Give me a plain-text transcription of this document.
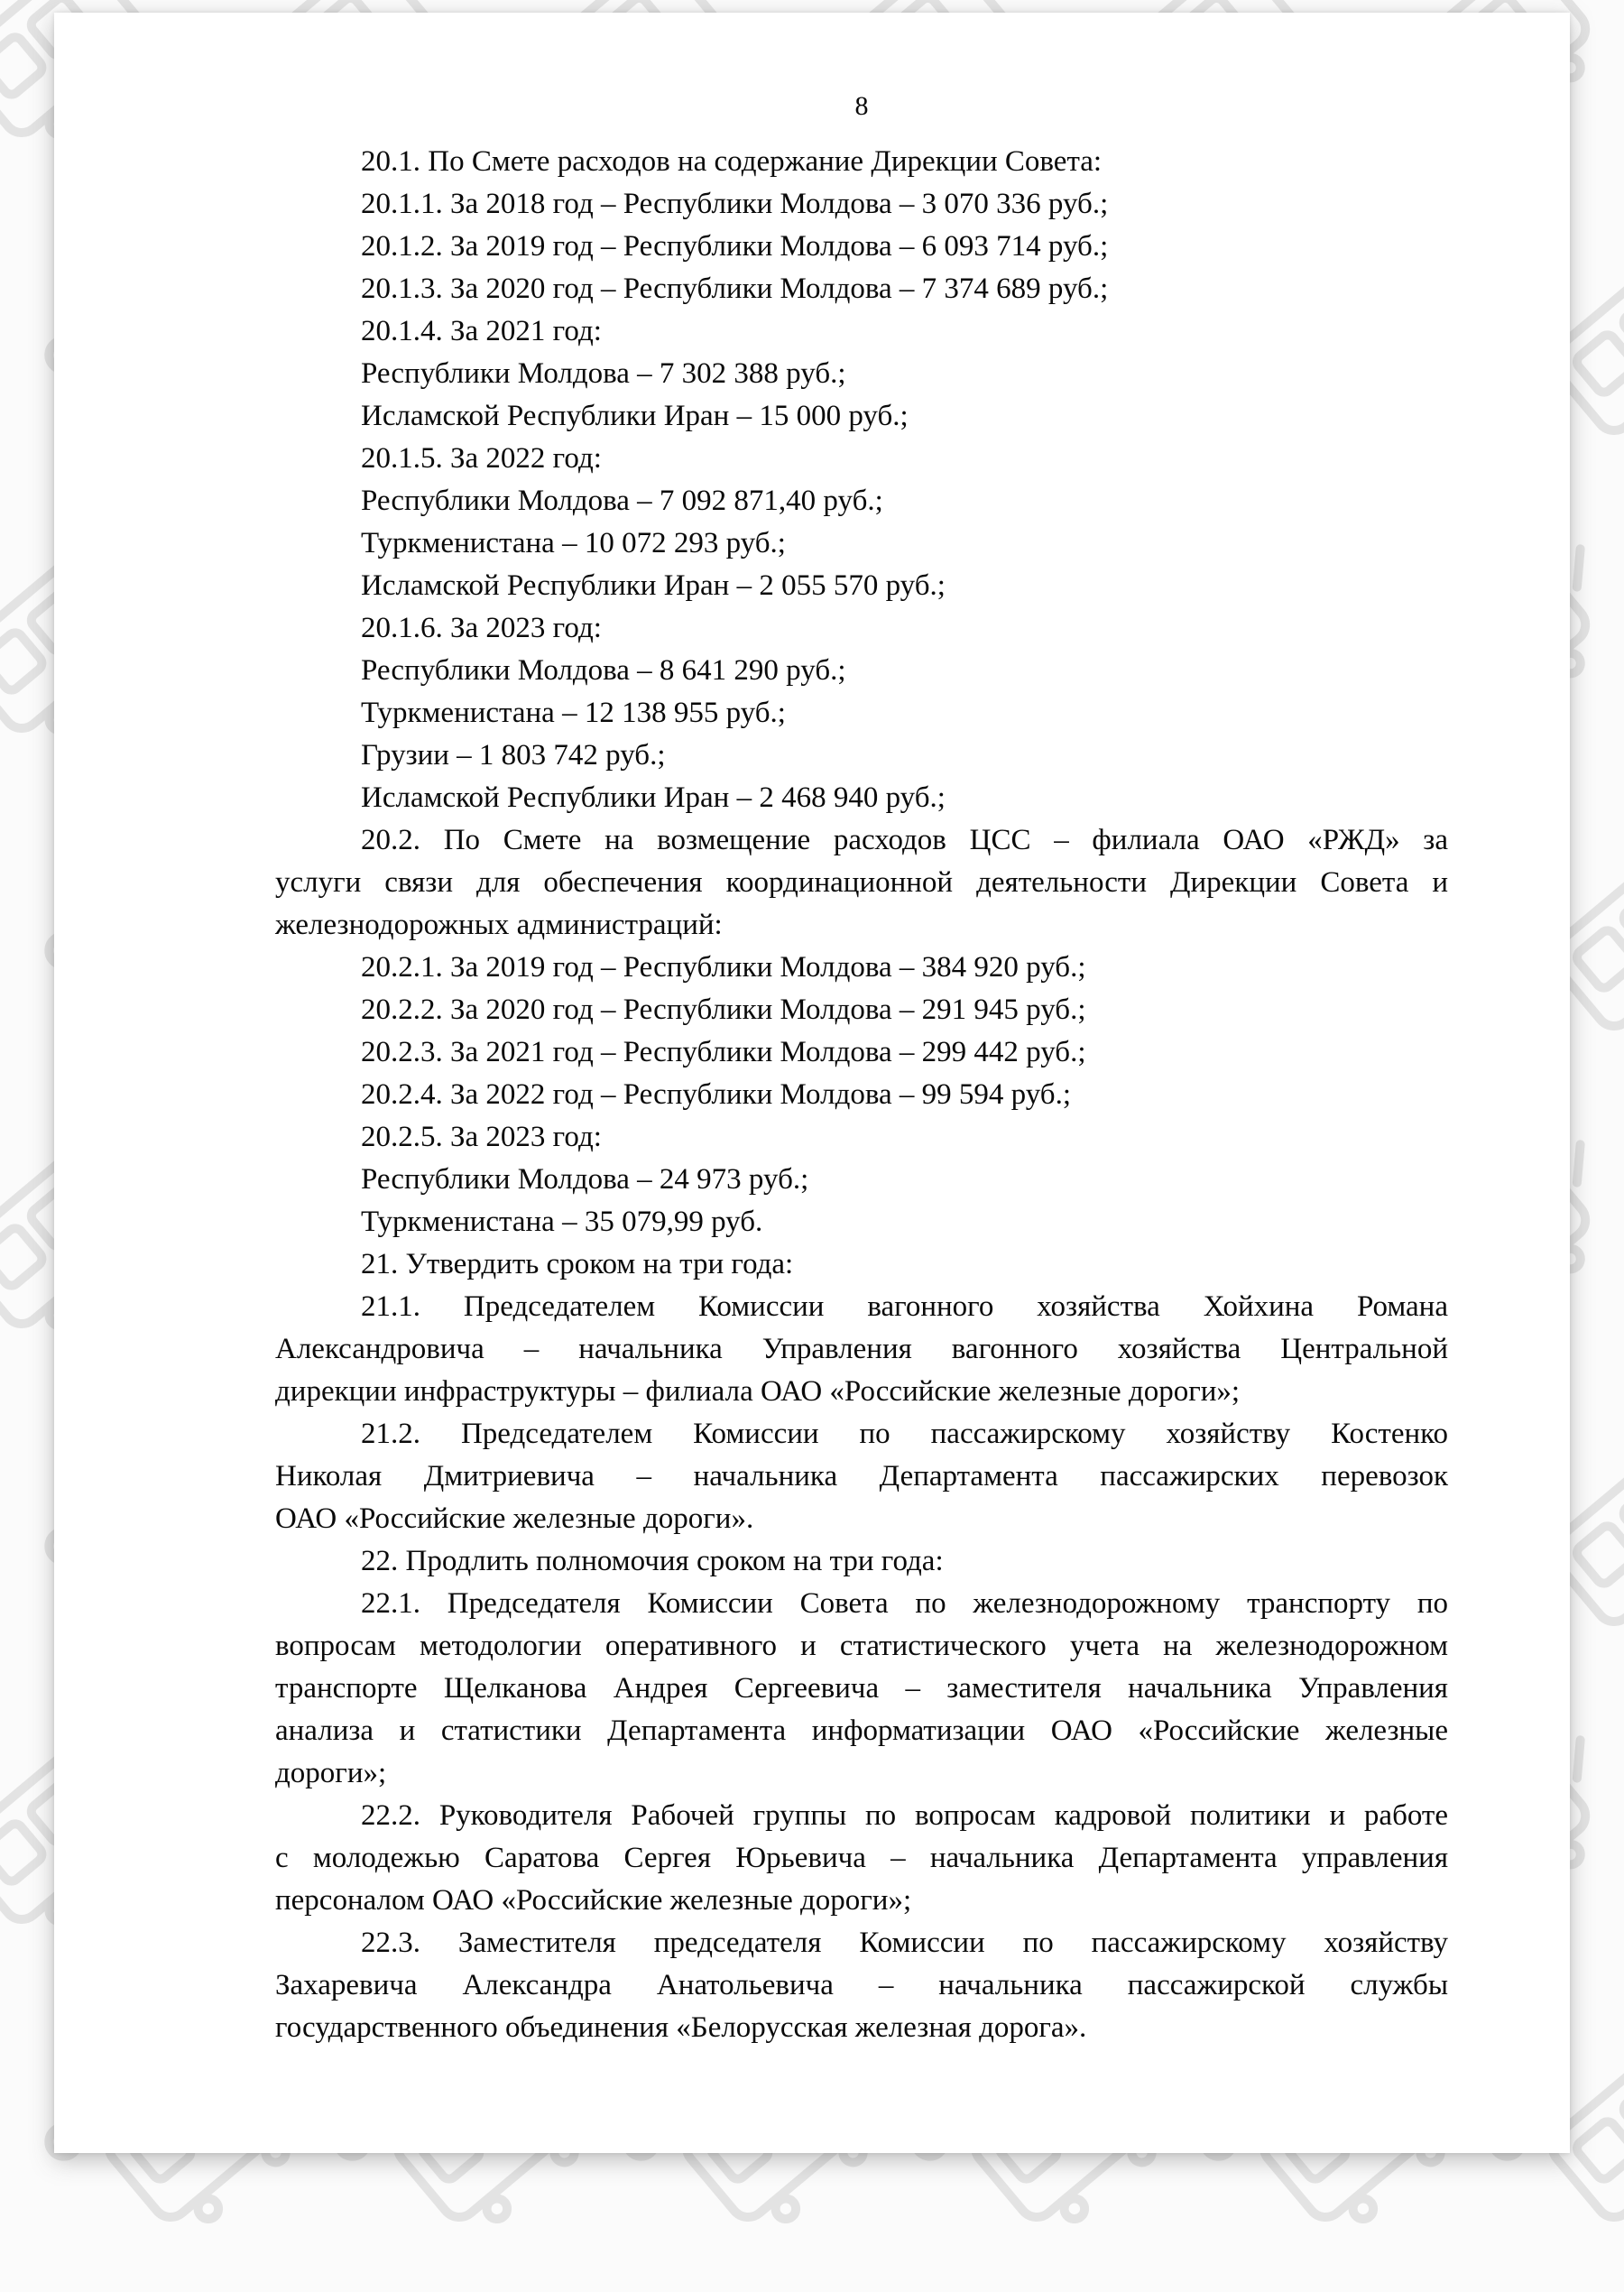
8

20.1. По Смете расходов на содержание Дирекции Совета:

20.1.1. За 2018 год – Республики Молдова – 3 070 336 руб.;

20.1.2. За 2019 год – Республики Молдова – 6 093 714 руб.;

20.1.3. За 2020 год – Республики Молдова – 7 374 689 руб.;

20.1.4. За 2021 год:

Республики Молдова – 7 302 388 руб.;

Исламской Республики Иран – 15 000 руб.;

20.1.5. За 2022 год:

Республики Молдова – 7 092 871,40 руб.;

Туркменистана – 10 072 293 руб.;

Исламской Республики Иран – 2 055 570 руб.;

20.1.6. За 2023 год:

Республики Молдова – 8 641 290 руб.;

Туркменистана – 12 138 955 руб.;

Грузии – 1 803 742 руб.;

Исламской Республики Иран – 2 468 940 руб.;

20.2. По Смете на возмещение расходов ЦСС – филиала ОАО «РЖД» за
услуги связи для обеспечения координационной деятельности Дирекции Совета и
железнодорожных администраций:

20.2.1. За 2019 год – Республики Молдова – 384 920 руб.;

20.2.2. За 2020 год – Республики Молдова – 291 945 руб.;

20.2.3. За 2021 год – Республики Молдова – 299 442 руб.;

20.2.4. За 2022 год – Республики Молдова – 99 594 руб.;

20.2.5. За 2023 год:

Республики Молдова – 24 973 руб.;

Туркменистана – 35 079,99 руб.

21. Утвердить сроком на три года:

21.1. Председателем Комиссии вагонного хозяйства Хойхина Романа
Александровича – начальника Управления вагонного хозяйства Центральной
дирекции инфраструктуры – филиала ОАО «Российские железные дороги»;

21.2. Председателем Комиссии по пассажирскому хозяйству Костенко
Николая Дмитриевича – начальника Департамента пассажирских перевозок
ОАО «Российские железные дороги».

22. Продлить полномочия сроком на три года:

22.1. Председателя Комиссии Совета по железнодорожному транспорту по
вопросам методологии оперативного и статистического учета на железнодорожном
транспорте Щелканова Андрея Сергеевича – заместителя начальника Управления
анализа и статистики Департамента информатизации ОАО «Российские железные
дороги»;

22.2. Руководителя Рабочей группы по вопросам кадровой политики и работе
с молодежью Саратова Сергея Юрьевича – начальника Департамента управления
персоналом ОАО «Российские железные дороги»;

22.3. Заместителя председателя Комиссии по пассажирскому хозяйству
Захаревича Александра Анатольевича – начальника пассажирской службы
государственного объединения «Белорусская железная дорога».
